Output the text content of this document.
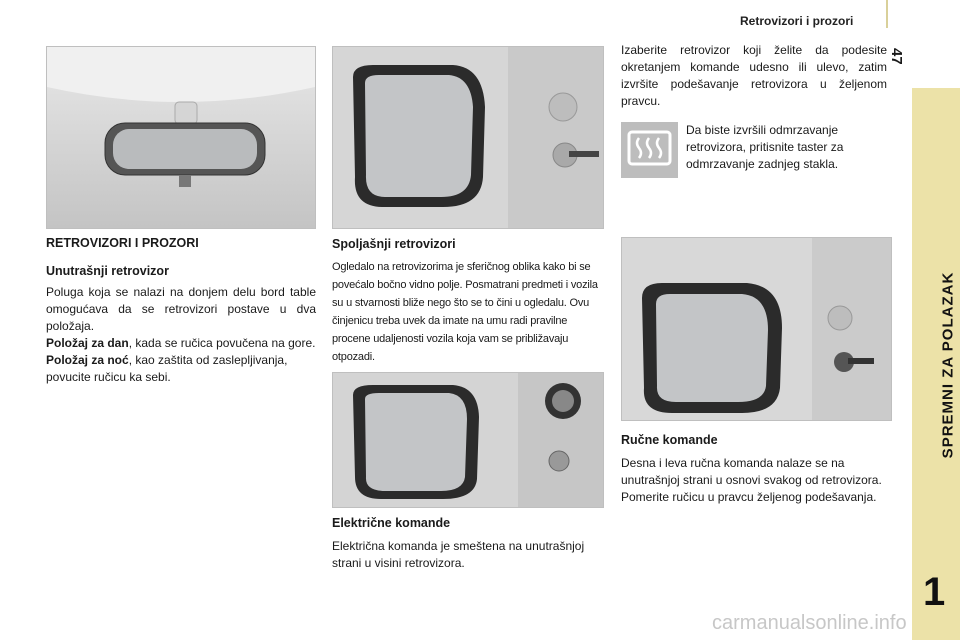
Retrovizori i prozori
47
SPREMNI ZA POLAZAK
1
RETROVIZORI I PROZORI
Unutrašnji retrovizor

Poluga koja se nalazi na donjem delu bord table omogućava da se retrovizori postave u dva položaja.

Položaj za dan, kada se ručica povučena na gore.

Položaj za noć, kao zaštita od zaslepljivanja, povucite ručicu ka sebi.

Spoljašnji retrovizori

Ogledalo na retrovizorima je sferičnog oblika kako bi se povećalo bočno vidno polje. Posmatrani predmeti i vozila su u stvarnosti bliže nego što se to čini u ogledalu. Ovu činjenicu treba uvek da imate na umu radi pravilne procene udaljenosti vozila koja vam se približavaju otpozadi.

Električne komande

Električna komanda je smeštena na unutrašnjoj strani u visini retrovizora.

Izaberite retrovizor koji želite da podesite okretanjem komande udesno ili ulevo, zatim izvršite podešavanje retrovizora u željenom pravcu.

Da biste izvršili odmrzavanje retrovizora, pritisnite taster za odmrzavanje zadnjeg stakla.

Ručne komande

Desna i leva ručna komanda nalaze se na unutrašnjoj strani u osnovi svakog od retrovizora.

Pomerite ručicu u pravcu željenog podešavanja.

carmanualsonline.info
